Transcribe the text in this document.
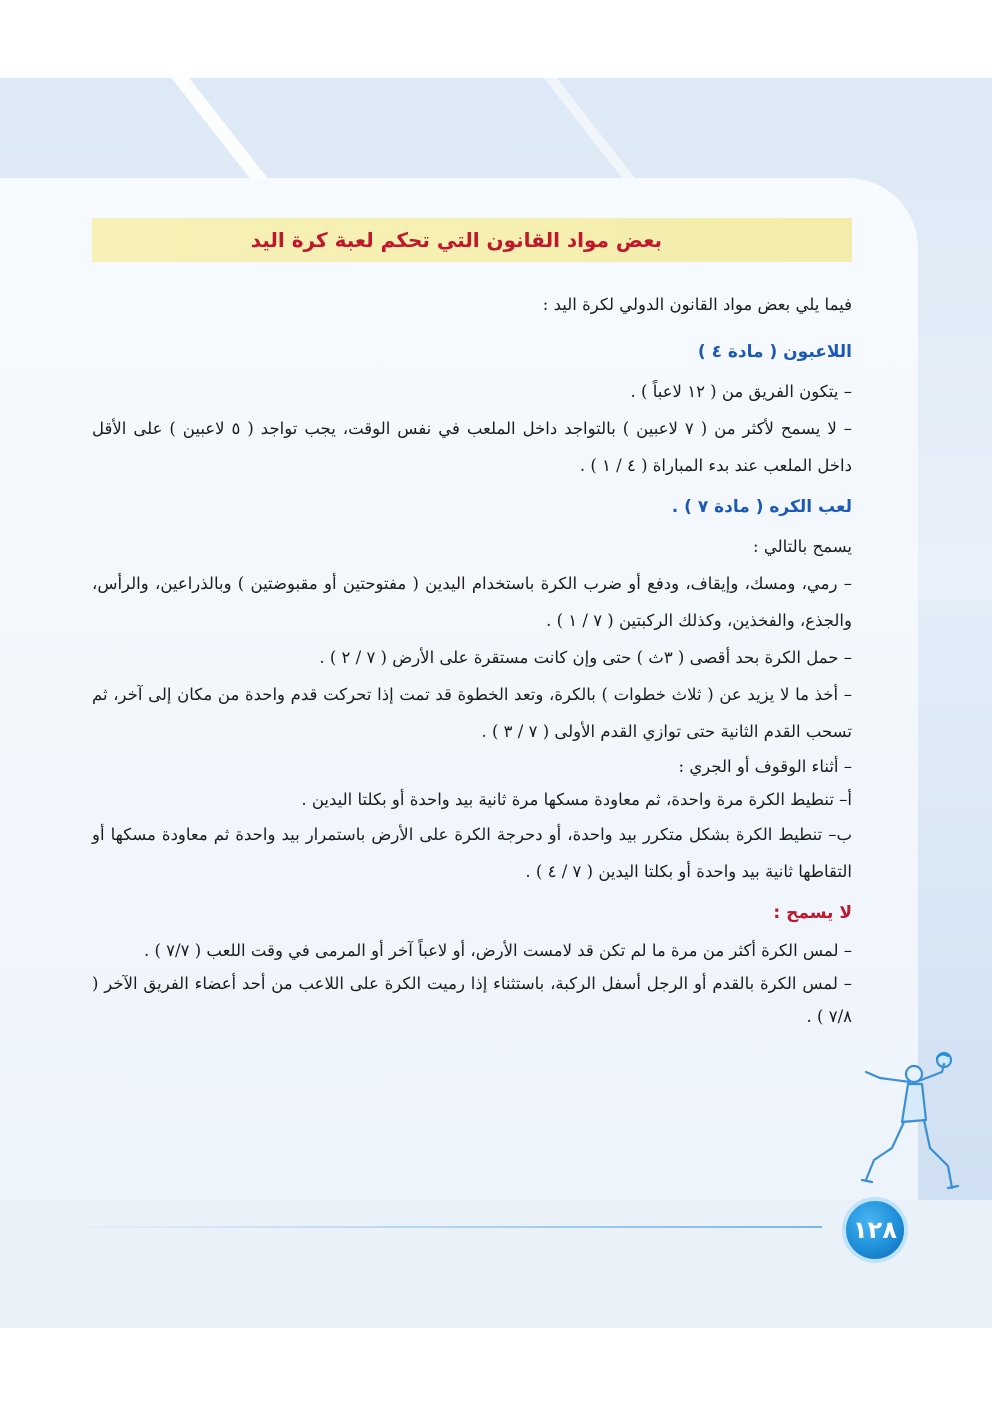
بعض مواد القانون التي تحكم لعبة كرة اليد

فيما يلي بعض مواد القانون الدولي لكرة اليد :

اللاعبون ( مادة ٤ )

– يتكون الفريق من ( ١٢ لاعباً ) .

– لا يسمح لأكثر من ( ٧ لاعبين ) بالتواجد داخل الملعب في نفس الوقت، يجب تواجد ( ٥ لاعبين ) على الأقل داخل الملعب عند بدء المباراة ( ٤ / ١ ) .

لعب الكره ( مادة ٧ ) .

يسمح بالتالي :

– رمي، ومسك، وإيقاف، ودفع أو ضرب الكرة باستخدام اليدين ( مفتوحتين أو مقبوضتين ) وبالذراعين، والرأس، والجذع، والفخذين، وكذلك الركبتين ( ٧ / ١ ) .

– حمل الكرة بحد أقصى ( ٣ث ) حتى وإن كانت مستقرة على الأرض ( ٧ / ٢ ) .

– أخذ ما لا يزيد عن ( ثلاث خطوات ) بالكرة، وتعد الخطوة قد تمت إذا تحركت قدم واحدة من مكان إلى آخر، ثم تسحب القدم الثانية حتى توازي القدم الأولى ( ٧ / ٣ ) .

– أثناء الوقوف أو الجري :

أ– تنطيط الكرة مرة واحدة، ثم معاودة مسكها مرة ثانية بيد واحدة أو بكلتا اليدين .

ب– تنطيط الكرة بشكل متكرر بيد واحدة، أو دحرجة الكرة على الأرض باستمرار بيد واحدة ثم معاودة مسكها أو التقاطها ثانية بيد واحدة أو بكلتا اليدين ( ٧ / ٤ ) .

لا يسمح :

– لمس الكرة أكثر من مرة ما لم تكن قد لامست الأرض، أو لاعباً آخر أو المرمى في وقت اللعب ( ٧/٧ ) .

– لمس الكرة بالقدم أو الرجل أسفل الركبة، باستثناء إذا رميت الكرة على اللاعب من أحد أعضاء الفريق الآخر ( ٧/٨ ) .

١٢٨
